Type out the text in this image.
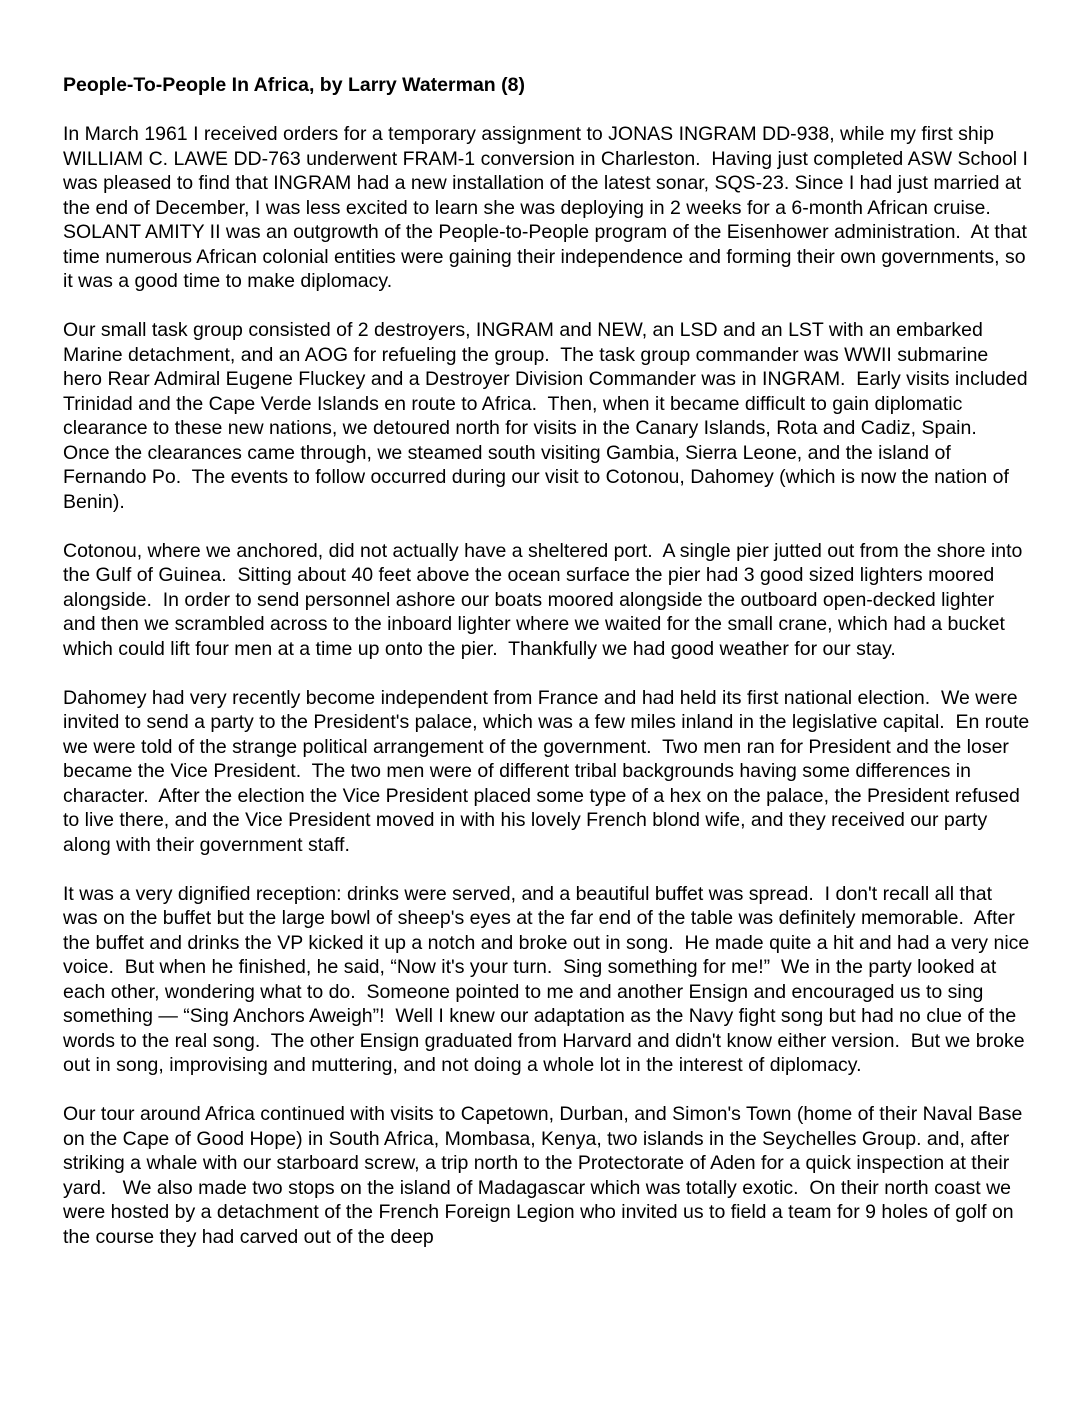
People-To-People In Africa, by Larry Waterman (8)

In March 1961 I received orders for a temporary assignment to JONAS INGRAM DD-938, while my first ship WILLIAM C. LAWE DD-763 underwent FRAM-1 conversion in Charleston.  Having just completed ASW School I was pleased to find that INGRAM had a new installation of the latest sonar, SQS-23. Since I had just married at the end of December, I was less excited to learn she was deploying in 2 weeks for a 6-month African cruise.  SOLANT AMITY II was an outgrowth of the People-to-People program of the Eisenhower administration.  At that time numerous African colonial entities were gaining their independence and forming their own governments, so it was a good time to make diplomacy.

Our small task group consisted of 2 destroyers, INGRAM and NEW, an LSD and an LST with an embarked Marine detachment, and an AOG for refueling the group.  The task group commander was WWII submarine hero Rear Admiral Eugene Fluckey and a Destroyer Division Commander was in INGRAM.  Early visits included Trinidad and the Cape Verde Islands en route to Africa.  Then, when it became difficult to gain diplomatic clearance to these new nations, we detoured north for visits in the Canary Islands, Rota and Cadiz, Spain.  Once the clearances came through, we steamed south visiting Gambia, Sierra Leone, and the island of Fernando Po.  The events to follow occurred during our visit to Cotonou, Dahomey (which is now the nation of Benin).

Cotonou, where we anchored, did not actually have a sheltered port.  A single pier jutted out from the shore into the Gulf of Guinea.  Sitting about 40 feet above the ocean surface the pier had 3 good sized lighters moored alongside.  In order to send personnel ashore our boats moored alongside the outboard open-decked lighter and then we scrambled across to the inboard lighter where we waited for the small crane, which had a bucket which could lift four men at a time up onto the pier.  Thankfully we had good weather for our stay.

Dahomey had very recently become independent from France and had held its first national election.  We were invited to send a party to the President's palace, which was a few miles inland in the legislative capital.  En route we were told of the strange political arrangement of the government.  Two men ran for President and the loser became the Vice President.  The two men were of different tribal backgrounds having some differences in character.  After the election the Vice President placed some type of a hex on the palace, the President refused to live there, and the Vice President moved in with his lovely French blond wife, and they received our party along with their government staff.

It was a very dignified reception: drinks were served, and a beautiful buffet was spread.  I don't recall all that was on the buffet but the large bowl of sheep's eyes at the far end of the table was definitely memorable.  After the buffet and drinks the VP kicked it up a notch and broke out in song.  He made quite a hit and had a very nice voice.  But when he finished, he said, “Now it's your turn.  Sing something for me!”  We in the party looked at each other, wondering what to do.  Someone pointed to me and another Ensign and encouraged us to sing something — “Sing Anchors Aweigh”!  Well I knew our adaptation as the Navy fight song but had no clue of the words to the real song.  The other Ensign graduated from Harvard and didn't know either version.  But we broke out in song, improvising and muttering, and not doing a whole lot in the interest of diplomacy.

Our tour around Africa continued with visits to Capetown, Durban, and Simon's Town (home of their Naval Base on the Cape of Good Hope) in South Africa, Mombasa, Kenya, two islands in the Seychelles Group. and, after striking a whale with our starboard screw, a trip north to the Protectorate of Aden for a quick inspection at their yard.   We also made two stops on the island of Madagascar which was totally exotic.  On their north coast we were hosted by a detachment of the French Foreign Legion who invited us to field a team for 9 holes of golf on the course they had carved out of the deep
